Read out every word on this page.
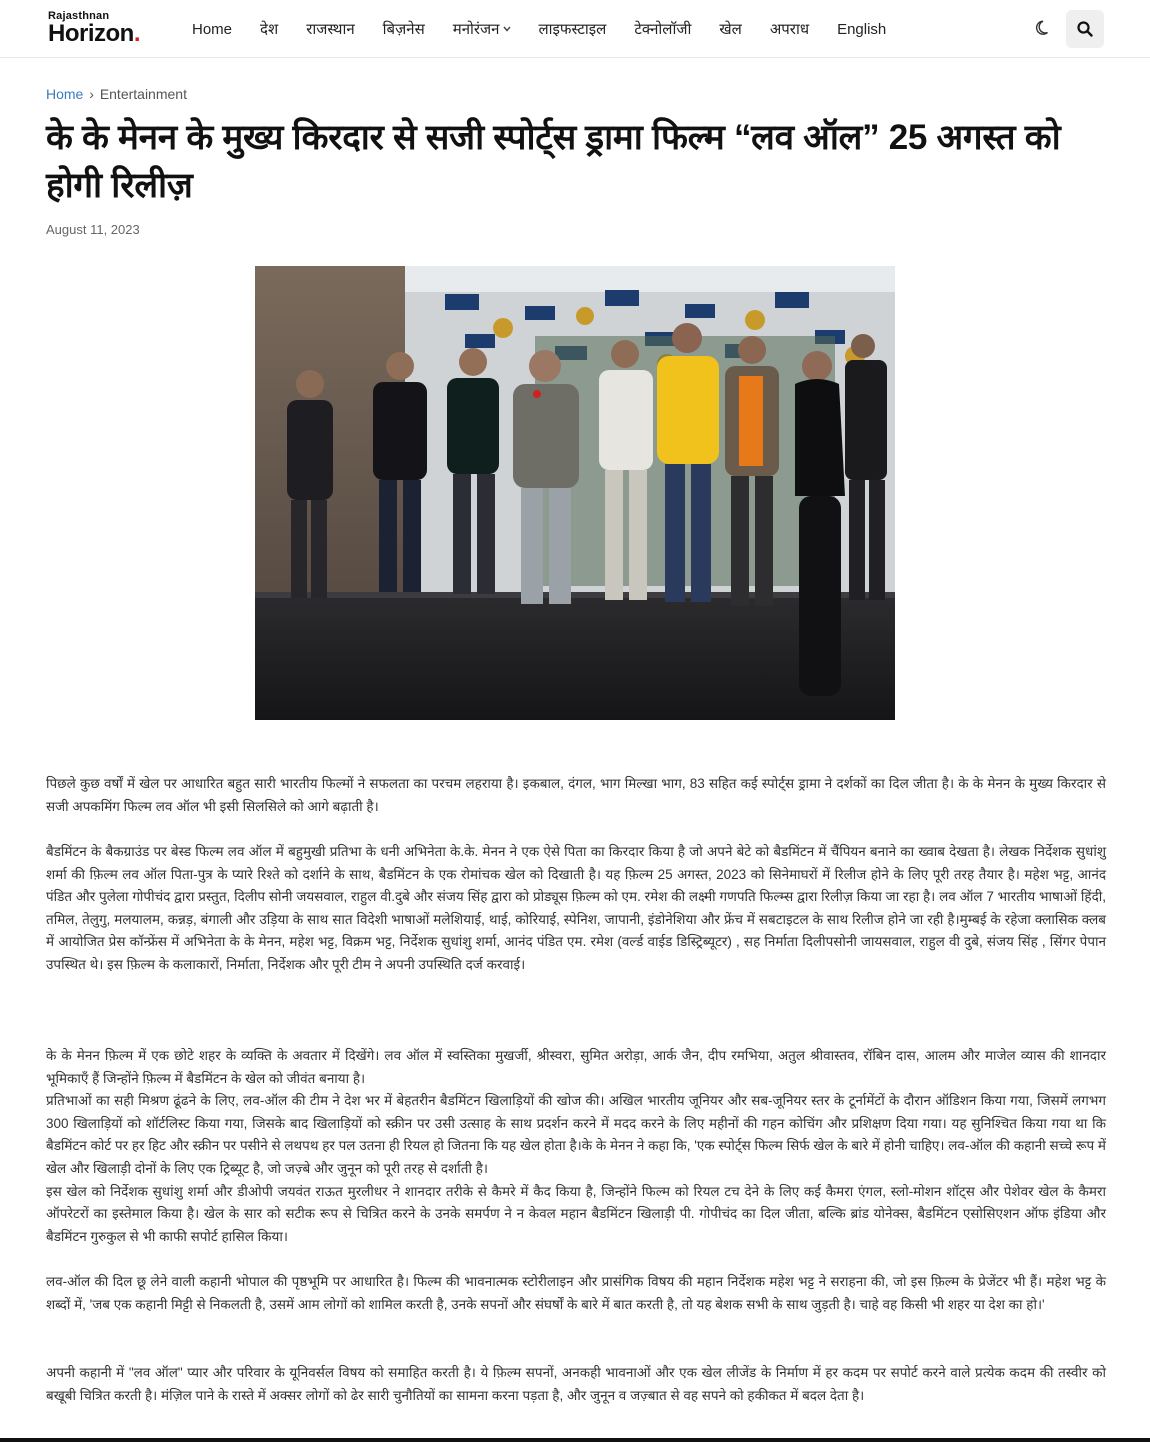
Rajasthnan
Horizon.	Home देश राजस्थान बिज़नेस मनोरंजन	लाइफस्टाइल टेक्नोलॉजी खेल अपराध English
Home › Entertainment
के के मेनन के मुख्य किरदार से सजी स्पोर्ट्स ड्रामा फिल्म “लव ऑल” 25 अगस्त को होगी रिलीज़
August 11, 2023

पिछले कुछ वर्षों में खेल पर आधारित बहुत सारी भारतीय फिल्मों ने सफलता का परचम लहराया है। इकबाल, दंगल, भाग मिल्खा भाग, 83 सहित कई स्पोर्ट्स ड्रामा ने दर्शकों का दिल जीता है। के के मेनन के मुख्य किरदार से सजी अपकमिंग फिल्म लव ऑल भी इसी सिलसिले को आगे बढ़ाती है।

बैडमिंटन के बैकग्राउंड पर बेस्ड फिल्म लव ऑल में बहुमुखी प्रतिभा के धनी अभिनेता के.के. मेनन ने एक ऐसे पिता का किरदार किया है जो अपने बेटे को बैडमिंटन में चैंपियन बनाने का ख्वाब देखता है। लेखक निर्देशक सुधांशु शर्मा की फ़िल्म लव ऑल पिता-पुत्र के प्यारे रिश्ते को दर्शाने के साथ, बैडमिंटन के एक रोमांचक खेल को दिखाती है। यह फ़िल्म 25 अगस्त, 2023 को सिनेमाघरों में रिलीज होने के लिए पूरी तरह तैयार है। महेश भट्ट, आनंद पंडित और पुलेला गोपीचंद द्वारा प्रस्तुत, दिलीप सोनी जयसवाल, राहुल वी.दुबे और संजय सिंह द्वारा को प्रोड्यूस फ़िल्म को एम. रमेश की लक्ष्मी गणपति फिल्म्स द्वारा रिलीज़ किया जा रहा है। लव ऑल 7 भारतीय भाषाओं हिंदी, तमिल, तेलुगु, मलयालम, कन्नड़, बंगाली और उड़िया के साथ सात विदेशी भाषाओं मलेशियाई, थाई, कोरियाई, स्पेनिश, जापानी, इंडोनेशिया और फ्रेंच में सबटाइटल के साथ रिलीज होने जा रही है।मुम्बई के रहेजा क्लासिक क्लब में आयोजित प्रेस कॉन्फ्रेंस में अभिनेता के के मेनन, महेश भट्ट, विक्रम भट्ट, निर्देशक सुधांशु शर्मा, आनंद पंडित एम. रमेश (वर्ल्ड वाईड डिस्ट्रिब्यूटर) , सह निर्माता दिलीपसोनी जायसवाल, राहुल वी दुबे, संजय सिंह , सिंगर पेपान उपस्थित थे। इस फ़िल्म के कलाकारों, निर्माता, निर्देशक और पूरी टीम ने अपनी उपस्थिति दर्ज करवाई।

के के मेनन फ़िल्म में एक छोटे शहर के व्यक्ति के अवतार में दिखेंगे। लव ऑल में स्वस्तिका मुखर्जी, श्रीस्वरा, सुमित अरोड़ा, आर्क जैन, दीप रमभिया, अतुल श्रीवास्तव, रॉबिन दास, आलम और माजेल व्यास की शानदार भूमिकाएँ हैं जिन्होंने फ़िल्म में बैडमिंटन के खेल को जीवंत बनाया है।
प्रतिभाओं का सही मिश्रण ढूंढने के लिए, लव-ऑल की टीम ने देश भर में बेहतरीन बैडमिंटन खिलाड़ियों की खोज की। अखिल भारतीय जूनियर और सब-जूनियर स्तर के टूर्नामेंटों के दौरान ऑडिशन किया गया, जिसमें लगभग 300 खिलाड़ियों को शॉर्टलिस्ट किया गया, जिसके बाद खिलाड़ियों को स्क्रीन पर उसी उत्साह के साथ प्रदर्शन करने में मदद करने के लिए महीनों की गहन कोचिंग और प्रशिक्षण दिया गया। यह सुनिश्चित किया गया था कि बैडमिंटन कोर्ट पर हर हिट और स्क्रीन पर पसीने से लथपथ हर पल उतना ही रियल हो जितना कि यह खेल होता है।के के मेनन ने कहा कि, 'एक स्पोर्ट्स फिल्म सिर्फ खेल के बारे में होनी चाहिए। लव-ऑल की कहानी सच्चे रूप में खेल और खिलाड़ी दोनों के लिए एक ट्रिब्यूट है, जो जज़्बे और जुनून को पूरी तरह से दर्शाती है।
इस खेल को निर्देशक सुधांशु शर्मा और डीओपी जयवंत राऊत मुरलीधर ने शानदार तरीके से कैमरे में कैद किया है, जिन्होंने फिल्म को रियल टच देने के लिए कई कैमरा एंगल, स्लो-मोशन शॉट्स और पेशेवर खेल के कैमरा ऑपरेटरों का इस्तेमाल किया है। खेल के सार को सटीक रूप से चित्रित करने के उनके समर्पण ने न केवल महान बैडमिंटन खिलाड़ी पी. गोपीचंद का दिल जीता, बल्कि ब्रांड योनेक्स, बैडमिंटन एसोसिएशन ऑफ इंडिया और बैडमिंटन गुरुकुल से भी काफी सपोर्ट हासिल किया।

लव-ऑल की दिल छू लेने वाली कहानी भोपाल की पृष्ठभूमि पर आधारित है। फिल्म की भावनात्मक स्टोरीलाइन और प्रासंगिक विषय की महान निर्देशक महेश भट्ट ने सराहना की, जो इस फ़िल्म के प्रेजेंटर भी हैं। महेश भट्ट के शब्दों में, 'जब एक कहानी मिट्टी से निकलती है, उसमें आम लोगों को शामिल करती है, उनके सपनों और संघर्षों के बारे में बात करती है, तो यह बेशक सभी के साथ जुड़ती है। चाहे वह किसी भी शहर या देश का हो।'

अपनी कहानी में "लव ऑल" प्यार और परिवार के यूनिवर्सल विषय को समाहित करती है। ये फ़िल्म सपनों, अनकही भावनाओं और एक खेल लीजेंड के निर्माण में हर कदम पर सपोर्ट करने वाले प्रत्येक कदम की तस्वीर को बखूबी चित्रित करती है। मंज़िल पाने के रास्ते में अक्सर लोगों को ढेर सारी चुनौतियों का सामना करना पड़ता है, और जुनून व जज़्बात से वह सपने को हकीकत में बदल देता है।
